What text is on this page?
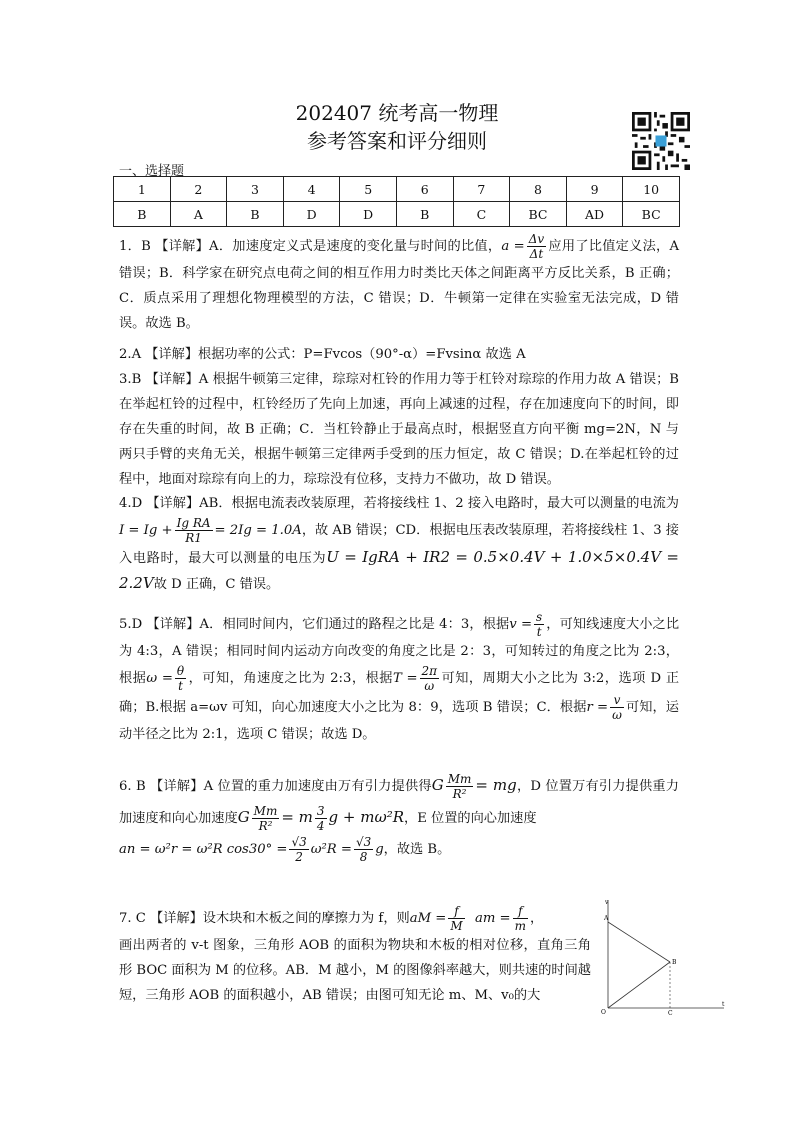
202407 统考高一物理
参考答案和评分细则
一、选择题
1	2	3	4	5	6	7	8	9	10
B	A	B	D	D	B	C	BC	AD	BC

1．B 【详解】A．加速度定义式是速度的变化量与时间的比值，$a = \frac{\Delta v}{\Delta t}$ 应用了比值定义法，A错误；B．科学家在研究点电荷之间的相互作用力时类比天体之间距离平方反比关系，B 正确；C．质点采用了理想化物理模型的方法，C 错误；D．牛顿第一定律在实验室无法完成，D 错误。故选 B。

2.A 【详解】根据功率的公式：P=Fvcos（90°-α）=Fvsinα 故选 A

3.B 【详解】A 根据牛顿第三定律，琮琮对杠铃的作用力等于杠铃对琮琮的作用力故 A 错误；B 在举起杠铃的过程中，杠铃经历了先向上加速，再向上减速的过程，存在加速度向下的时间，即存在失重的时间，故 B 正确；C．当杠铃静止于最高点时，根据竖直方向平衡 mg=2N，N 与两只手臂的夹角无关，根据牛顿第三定律两手受到的压力恒定，故 C 错误；D.在举起杠铃的过程中，地面对琮琮有向上的力，琮琮没有位移，支持力不做功，故 D 错误。

4.D 【详解】AB．根据电流表改装原理，若将接线柱 1、2 接入电路时，最大可以测量的电流为$I = Ig + \frac{\text{Ig RA}}{R1} = 2Ig = 1.0A$，故 AB 错误；CD．根据电压表改装原理，若将接线柱 1、3 接入电路时，最大可以测量的电压为U = IgRA + IR2 = 0.5×0.4V + 1.0×5×0.4V = 2.2V故 D 正确，C 错误。

5.D 【详解】A．相同时间内，它们通过的路程之比是 4：3，根据$v = \frac{s}{t}$ ，可知线速度大小之比为 4:3，A 错误；相同时间内运动方向改变的角度之比是 2：3，可知转过的角度之比为 2:3，根据$\omega = \frac{\theta}{t}$ ，可知，角速度之比为 2:3，根据$T = \frac{2\pi}{\omega}$ 可知，周期大小之比为 3:2，选项 D 正确；B.根据 a=ωv 可知，向心加速度大小之比为 8：9，选项 B 错误；C．根据$r = \frac{v}{\omega}$ 可知，运动半径之比为 2:1，选项 C 错误；故选 D。

6. B 【详解】A 位置的重力加速度由万有引力提供得G $\frac{Mm}{\text{R²}}$ = mg，D 位置万有引力提供重力加速度和向心加速度G $\frac{Mm}{\text{R²}} = m \frac{3}{4}$ g + mω²R，E 位置的向心加速度
an = ω²r = ω²R $\cos 30^\circ = \frac{√3}{2} \omega^2R = \frac{√3}{8}$ g，故选 B。

7. C 【详解】设木块和木板之间的摩擦力为 f，则aM = $\frac{f}{M}$ am = $\frac{f}{m}$ ，
画出两者的 v-t 图象，三角形 AOB 的面积为物块和木板的相对位移，直角三角形 BOC 面积为 M 的位移。AB．M 越小，M 的图像斜率越大，则共速的时间越短，三角形 AOB 的面积越小，AB 错误；由图可知无论 m、M、v₀的大

v
t
A
B
O	C
